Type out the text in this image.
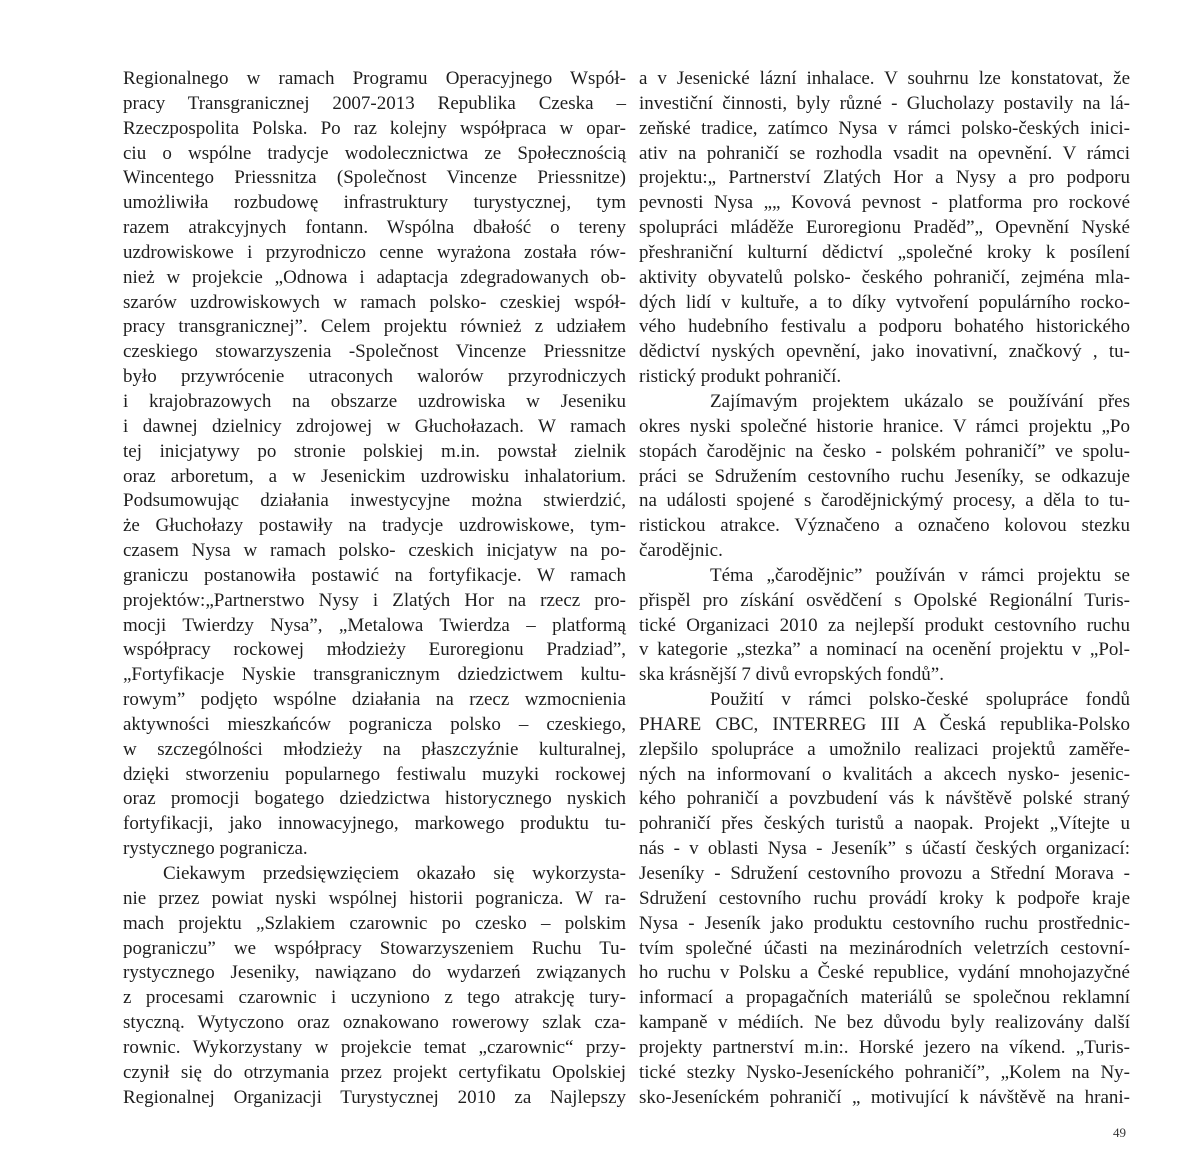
Regionalnego w ramach Programu Operacyjnego Współ-
pracy Transgranicznej 2007-2013 Republika Czeska –
Rzeczpospolita Polska. Po raz kolejny współpraca w opar-
ciu o wspólne tradycje wodolecznictwa ze Społecznością
Wincentego Priessnitza (Společnost Vincenze Priessnitze)
umożliwiła rozbudowę infrastruktury turystycznej, tym
razem atrakcyjnych fontann. Wspólna dbałość o tereny
uzdrowiskowe i przyrodniczo cenne wyrażona została rów-
nież w projekcie „Odnowa i adaptacja zdegradowanych ob-
szarów uzdrowiskowych w ramach polsko- czeskiej współ-
pracy transgranicznej”. Celem projektu również z udziałem
czeskiego stowarzyszenia -Společnost Vincenze Priessnitze
było przywrócenie utraconych walorów przyrodniczych
i krajobrazowych na obszarze uzdrowiska w Jeseniku
i dawnej dzielnicy zdrojowej w Głuchołazach. W ramach
tej inicjatywy po stronie polskiej m.in. powstał zielnik
oraz arboretum, a w Jesenickim uzdrowisku inhalatorium.
Podsumowując działania inwestycyjne można stwierdzić,
że Głuchołazy postawiły na tradycje uzdrowiskowe, tym-
czasem Nysa w ramach polsko- czeskich inicjatyw na po-
graniczu postanowiła postawić na fortyfikacje. W ramach
projektów:„Partnerstwo Nysy i Zlatých Hor na rzecz pro-
mocji Twierdzy Nysa”, „Metalowa Twierdza – platformą
współpracy rockowej młodzieży Euroregionu Pradziad”,
„Fortyfikacje Nyskie transgranicznym dziedzictwem kultu-
rowym” podjęto wspólne działania na rzecz wzmocnienia
aktywności mieszkańców pogranicza polsko – czeskiego,
w szczególności młodzieży na płaszczyźnie kulturalnej,
dzięki stworzeniu popularnego festiwalu muzyki rockowej
oraz promocji bogatego dziedzictwa historycznego nyskich
fortyfikacji, jako innowacyjnego, markowego produktu tu-
rystycznego pogranicza.
Ciekawym przedsięwzięciem okazało się wykorzysta-
nie przez powiat nyski wspólnej historii pogranicza. W ra-
mach projektu „Szlakiem czarownic po czesko – polskim
pograniczu” we współpracy Stowarzyszeniem Ruchu Tu-
rystycznego Jeseniky, nawiązano do wydarzeń związanych
z procesami czarownic i uczyniono z tego atrakcję tury-
styczną. Wytyczono oraz oznakowano rowerowy szlak cza-
rownic. Wykorzystany w projekcie temat „czarownic“ przy-
czynił się do otrzymania przez projekt certyfikatu Opolskiej
Regionalnej Organizacji Turystycznej 2010 za Najlepszy
a v Jesenické lázní inhalace. V souhrnu lze konstatovat, že
investiční činnosti, byly různé - Glucholazy postavily na lá-
zeňské tradice, zatímco Nysa v rámci polsko-českých inici-
ativ na pohraničí se rozhodla vsadit na opevnění. V rámci
projektu:„ Partnerství Zlatých Hor a Nysy a pro podporu
pevnosti Nysa „„ Kovová pevnost - platforma pro rockové
spolupráci mláděže Euroregionu Praděd”„ Opevnění Nyské
přeshraniční kulturní dědictví „společné kroky k posílení
aktivity obyvatelů polsko- českého pohraničí, zejména mla-
dých lidí v kultuře, a to díky vytvoření populárního rocko-
vého hudebního festivalu a podporu bohatého historického
dědictví nyských opevnění, jako inovativní, značkový , tu-
ristický produkt pohraničí.
Zajímavým projektem ukázalo se používání přes
okres nyski společné historie hranice. V rámci projektu „Po
stopách čarodějnic na česko - polském pohraničí” ve spolu-
práci se Sdružením cestovního ruchu Jeseníky, se odkazuje
na události spojené s čarodějnickýmý procesy, a děla to tu-
ristickou atrakce. Význačeno a označeno kolovou stezku
čarodějnic.
Téma „čarodějnic” používán v rámci projektu se
přispěl pro získání osvědčení s Opolské Regionální Turis-
tické Organizaci 2010 za nejlepší produkt cestovního ruchu
v kategorie „stezka” a nominací na ocenění projektu v „Pol-
ska krásnější 7 divů evropských fondů”.
Použití v rámci polsko-české spolupráce fondů
PHARE CBC, INTERREG III A Česká republika-Polsko
zlepšilo spolupráce a umožnilo realizaci projektů zaměře-
ných na informovaní o kvalitách a akcech nysko- jesenic-
kého pohraničí a povzbudení vás k návštěvě polské straný
pohraničí přes českých turistů a naopak. Projekt „Vítejte u
nás - v oblasti Nysa - Jeseník” s účastí českých organizací:
Jeseníky - Sdružení cestovního provozu a Střední Morava -
Sdružení cestovního ruchu provádí kroky k podpoře kraje
Nysa - Jeseník jako produktu cestovního ruchu prostřednic-
tvím společné účasti na mezinárodních veletrzích cestovní-
ho ruchu v Polsku a České republice, vydání mnohojazyčné
informací a propagačních materiálů se společnou reklamní
kampaně v médiích. Ne bez důvodu byly realizovány další
projekty partnerství m.in:. Horské jezero na víkend. „Turis-
tické stezky Nysko-Jeseníckého pohraničí”, „Kolem na Ny-
sko-Jeseníckém pohraničí „ motivující k návštěvě na hrani-
49
